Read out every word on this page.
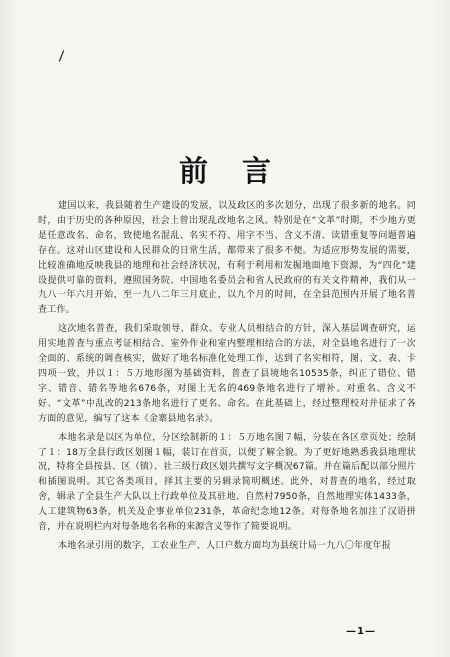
前言

建国以来，我县随着生产建设的发展，以及政区的多次划分，出现了很多新的地名。同时，由于历史的各种原因，社会上曾出现乱改地名之风。特别是在“文革”时期，不少地方更是任意改名、命名，致使地名混乱、名实不符、用字不当、含义不清、读错重复等问题普遍存在。这对山区建设和人民群众的日常生活，都带来了很多不便。为适应形势发展的需要，比较准确地反映我县的地理和社会经济状况，有利于利用和发掘地面地下资源，为“四化”建设提供可靠的资料，遵照国务院、中国地名委员会和省人民政府的有关文件精神，我们从一九八一年六月开始，至一九八二年三月底止，以九个月的时间，在全县范围内开展了地名普查工作。

这次地名普查，我们采取领导、群众、专业人员相结合的方针，深入基层调查研究，运用实地普查与重点考证相结合、室外作业和室内整理相结合的方法，对全县地名进行了一次全面的、系统的调查核实，做好了地名标准化处理工作，达到了名实相符，图、文、表、卡四项一致，并以１：５万地形图为基础资料，普查了县境地名10535条，纠正了错位、错字、错音、错名等地名676条，对图上无名的469条地名进行了增补。对重名、含义不好、“文革”中乱改的213条地名进行了更名、命名。在此基础上，经过整理校对并征求了各方面的意见，编写了这本《金寨县地名录》。

本地名录是以区为单位，分区绘制新的１：５万地名图７幅，分装在各区章页处；绘制了１：18万全县行政区划图１幅，装订在首页，以便了解全貌。为了更好地熟悉我县地理状况，特将全县按县、区（镇）、社三级行政区划共撰写文字概况67篇。并在篇后配以部分照片和插图说明。其它各类项目，择其主要的另辑录简明概述。此外，对普查的地名，经过取舍，辑录了全县生产大队以上行政单位及其驻地、自然村7950条，自然地理实体1433条，人工建筑物63条，机关及企事业单位231条，革命纪念地12条。对每条地名加注了汉语拼音，并在说明栏内对每条地名名称的来源含义等作了简要说明。

本地名录引用的数字，工农业生产、人口户数方面均为县统计局一九八〇年度年报

—1—
